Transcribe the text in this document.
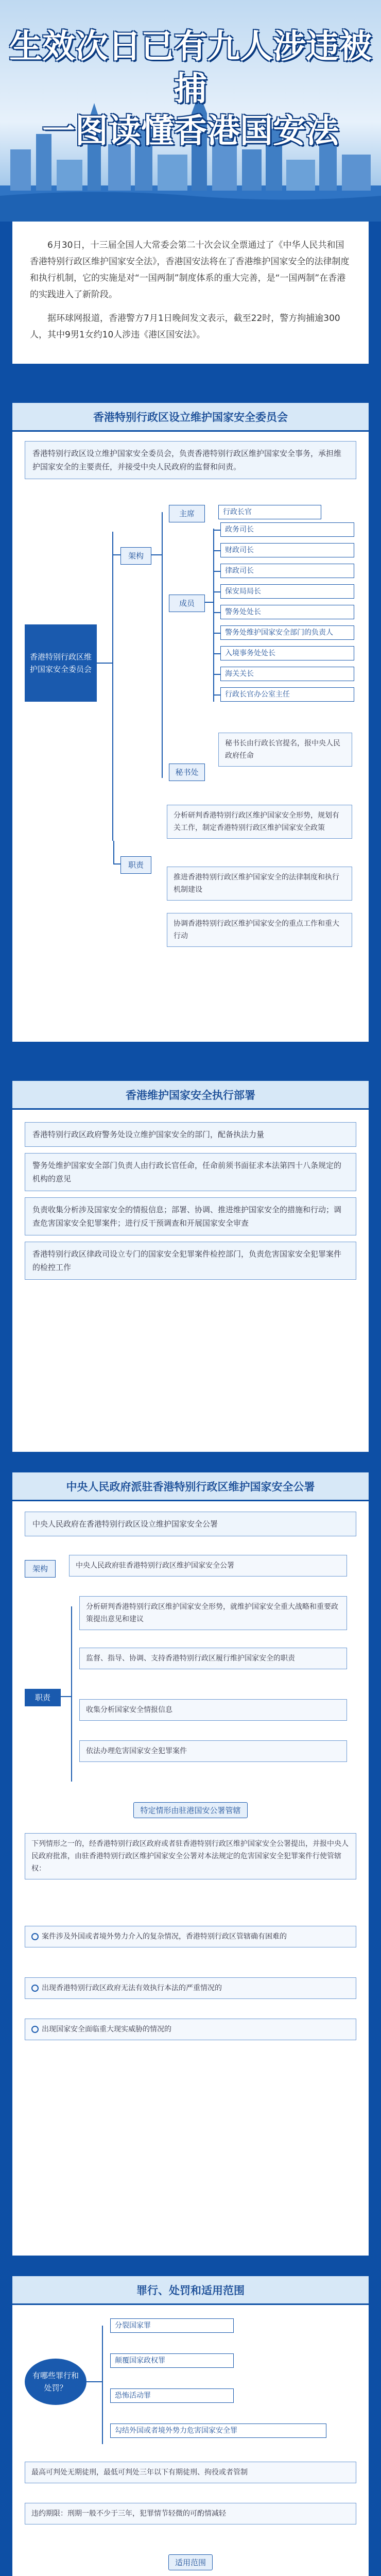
生效次日已有九人涉违被捕
一图读懂香港国安法

6月30日，十三届全国人大常委会第二十次会议全票通过了《中华人民共和国香港特别行政区维护国家安全法》，香港国安法将在了香港维护国家安全的法律制度和执行机制，它的实施是对“一国两制”制度体系的重大完善，是“一国两制”在香港的实践进入了新阶段。

据环球网报道，香港警方7月1日晚间发文表示，截至22时，警方拘捕逾300人，其中9男1女约10人涉违《港区国安法》。

香港特别行政区设立维护国家安全委员会
香港特别行政区设立维护国家安全委员会，负责香港特别行政区维护国家安全事务，承担维护国家安全的主要责任，并接受中央人民政府的监督和问责。
香港特别行政区维护国家安全委员会
架构
主席	行政长官
成员
政务司长
财政司长
律政司长
保安局局长
警务处处长
警务处维护国家安全部门的负责人
入境事务处处长
海关关长
行政长官办公室主任
秘书处
秘书长由行政长官提名，报中央人民政府任命
职责
分析研判香港特别行政区维护国家安全形势，规划有关工作，制定香港特别行政区维护国家安全政策
推进香港特别行政区维护国家安全的法律制度和执行机制建设
协调香港特别行政区维护国家安全的重点工作和重大行动
香港维护国家安全执行部署
香港特别行政区政府警务处设立维护国家安全的部门，配备执法力量
警务处维护国家安全部门负责人由行政长官任命，任命前须书面征求本法第四十八条规定的机构的意见
负责收集分析涉及国家安全的情报信息；部署、协调、推进维护国家安全的措施和行动；调查危害国家安全犯罪案件；进行反干预调查和开展国家安全审查
香港特别行政区律政司设立专门的国家安全犯罪案件检控部门，负责危害国家安全犯罪案件的检控工作
中央人民政府派驻香港特别行政区维护国家安全公署
中央人民政府在香港特别行政区设立维护国家安全公署
架构	中央人民政府驻香港特别行政区维护国家安全公署
职责
分析研判香港特别行政区维护国家安全形势，就维护国家安全重大战略和重要政策提出意见和建议
监督、指导、协调、支持香港特别行政区履行维护国家安全的职责
收集分析国家安全情报信息
依法办理危害国家安全犯罪案件
特定情形由驻港国安公署管辖
下列情形之一的，经香港特别行政区政府或者驻香港特别行政区维护国家安全公署提出，并报中央人民政府批准，由驻香港特别行政区维护国家安全公署对本法规定的危害国家安全犯罪案件行使管辖权：
案件涉及外国或者境外势力介入的复杂情况，香港特别行政区管辖确有困难的
出现香港特别行政区政府无法有效执行本法的严重情况的
出现国家安全面临重大现实威胁的情况的
罪行、处罚和适用范围
有哪些罪行和处罚？
分裂国家罪
颠覆国家政权罪
恐怖活动罪
勾结外国或者境外势力危害国家安全罪
最高可判处无期徒刑，最低可判处三年以下有期徒刑、拘役或者管制
违约期限：刑期一般不少于三年，犯罪情节轻微的可酌情减轻
适用范围
